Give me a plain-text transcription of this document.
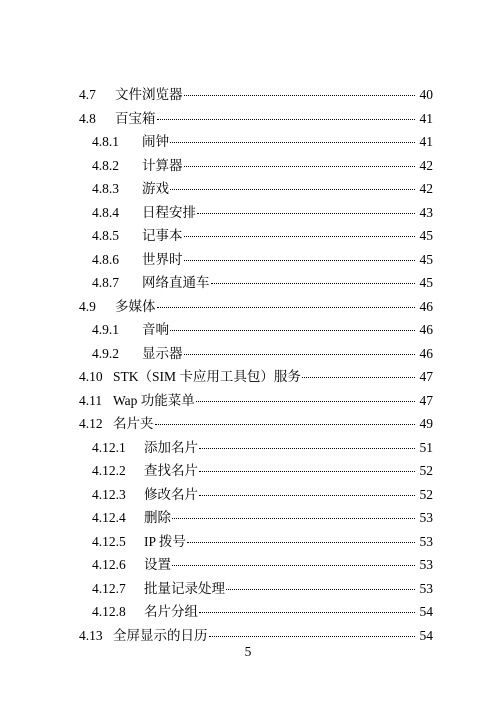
4.7	文件浏览器	40
4.8	百宝箱	41
4.8.1	闹钟	41
4.8.2	计算器	42
4.8.3	游戏	42
4.8.4	日程安排	43
4.8.5	记事本	45
4.8.6	世界时	45
4.8.7	网络直通车	45
4.9	多媒体	46
4.9.1	音响	46
4.9.2	显示器	46
4.10 STK（SIM 卡应用工具包）服务	47
4.11 Wap 功能菜单	47
4.12 名片夹	49
4.12.1	添加名片	51
4.12.2	查找名片	52
4.12.3	修改名片	52
4.12.4	删除	53
4.12.5	IP 拨号	53
4.12.6	设置	53
4.12.7	批量记录处理	53
4.12.8	名片分组	54
4.13 全屏显示的日历	54
5
